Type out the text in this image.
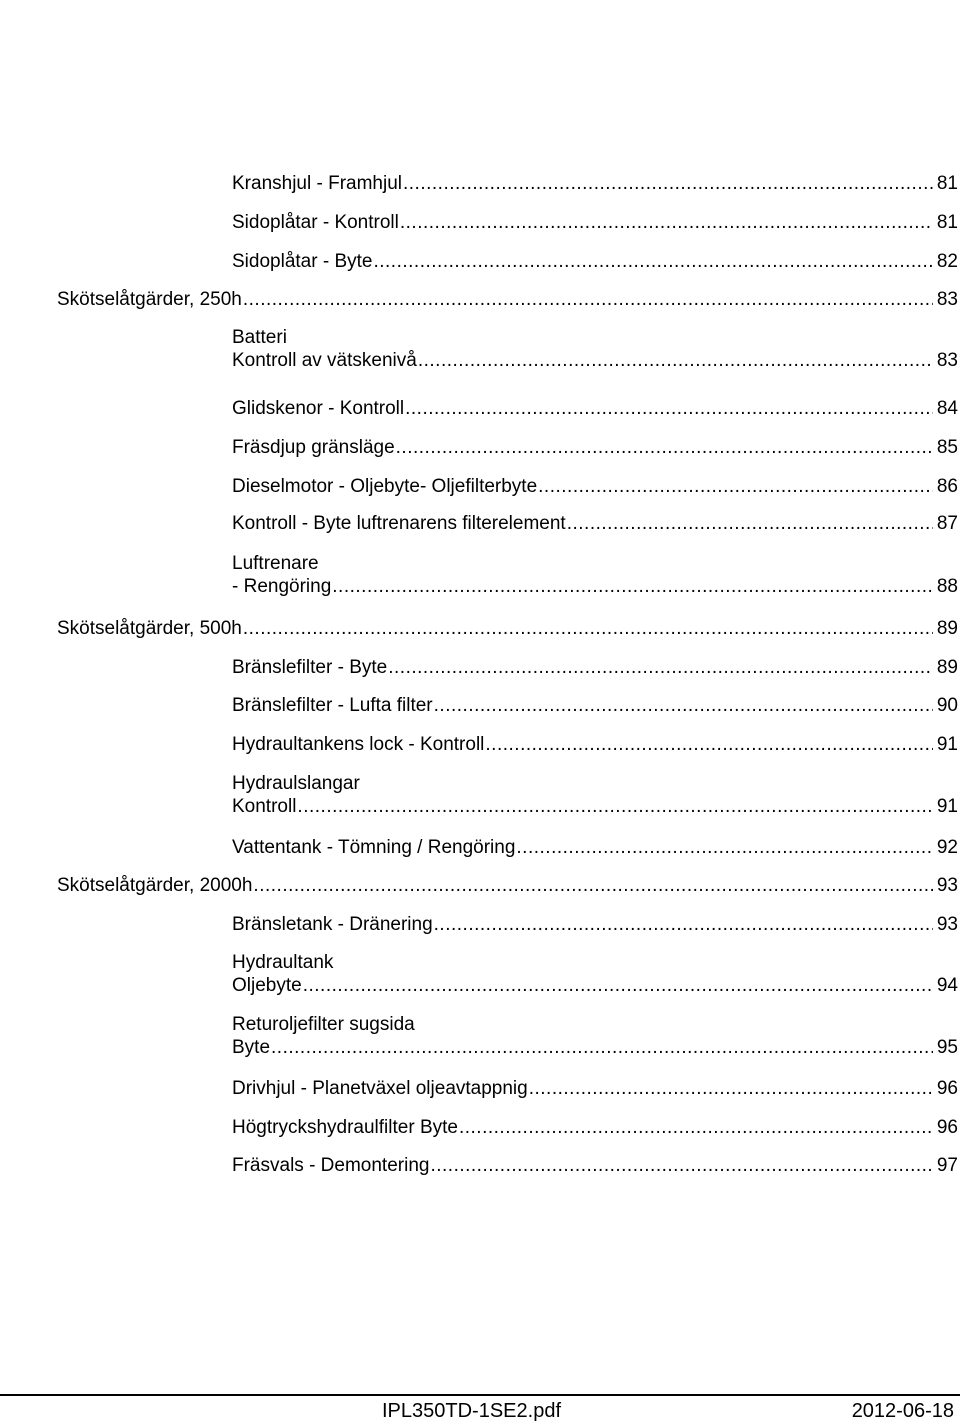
Kranshjul - Framhjul .....	81
Sidoplåtar - Kontroll .....	81
Sidoplåtar - Byte .....	82
Skötselåtgärder, 250h .....	83
Batteri
Kontroll av vätskenivå .....	83
Glidskenor - Kontroll .....	84
Fräsdjup gränsläge .....	85
Dieselmotor - Oljebyte- Oljefilterbyte .....	86
Kontroll - Byte luftrenarens filterelement .....	87
Luftrenare
- Rengöring .....	88
Skötselåtgärder, 500h .....	89
Bränslefilter - Byte .....	89
Bränslefilter - Lufta filter .....	90
Hydraultankens lock - Kontroll .....	91
Hydraulslangar
Kontroll .....	91
Vattentank - Tömning / Rengöring .....	92
Skötselåtgärder, 2000h .....	93
Bränsletank - Dränering .....	93
Hydraultank
Oljebyte .....	94
Returoljefilter sugsida
Byte .....	95
Drivhjul - Planetväxel oljeavtappnig .....	96
Högtryckshydraulfilter Byte .....	96
Fräsvals - Demontering .....	97
IPL350TD-1SE2.pdf	2012-06-18
